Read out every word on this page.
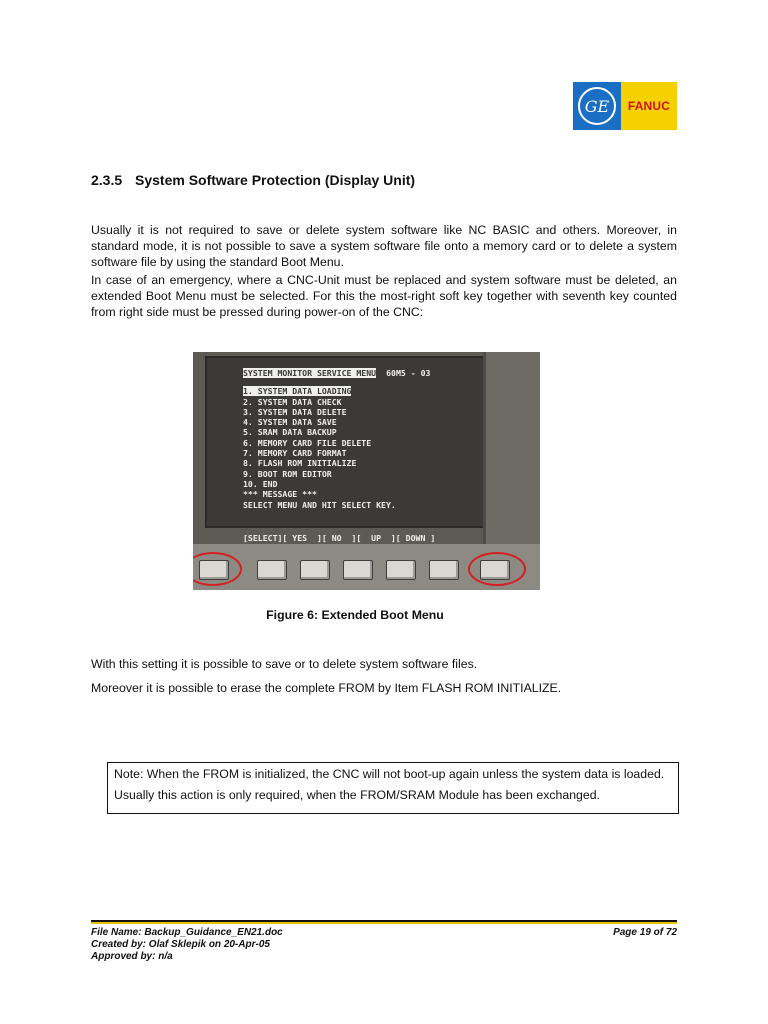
GE	FANUC
2.3.5 System Software Protection (Display Unit)
Usually it is not required to save or delete system software like NC BASIC and others. Moreover, in standard mode, it is not possible to save a system software file onto a memory card or to delete a system software file by using the standard Boot Menu.
In case of an emergency, where a CNC-Unit must be replaced and system software must be deleted, an extended Boot Menu must be selected. For this the most-right soft key together with seventh key counted from right side must be pressed during power-on of the CNC:
SYSTEM MONITOR SERVICE MENU 60M5 - 03
1. SYSTEM DATA LOADING
2. SYSTEM DATA CHECK
3. SYSTEM DATA DELETE
4. SYSTEM DATA SAVE
5. SRAM DATA BACKUP
6. MEMORY CARD FILE DELETE
7. MEMORY CARD FORMAT
8. FLASH ROM INITIALIZE
9. BOOT ROM EDITOR
10. END
*** MESSAGE ***
SELECT MENU AND HIT SELECT KEY.
[SELECT][ YES  ][ NO  ][  UP  ][ DOWN ]
Figure 6: Extended Boot Menu
With this setting it is possible to save or to delete system software files.
Moreover it is possible to erase the complete FROM by Item FLASH ROM INITIALIZE.

Note: When the FROM is initialized, the CNC will not boot-up again unless the system data is loaded.

Usually this action is only required, when the FROM/SRAM Module has been exchanged.

File Name: Backup_Guidance_EN21.doc
Created by: Olaf Sklepik on 20-Apr-05
Approved by: n/a
Page 19 of 72
